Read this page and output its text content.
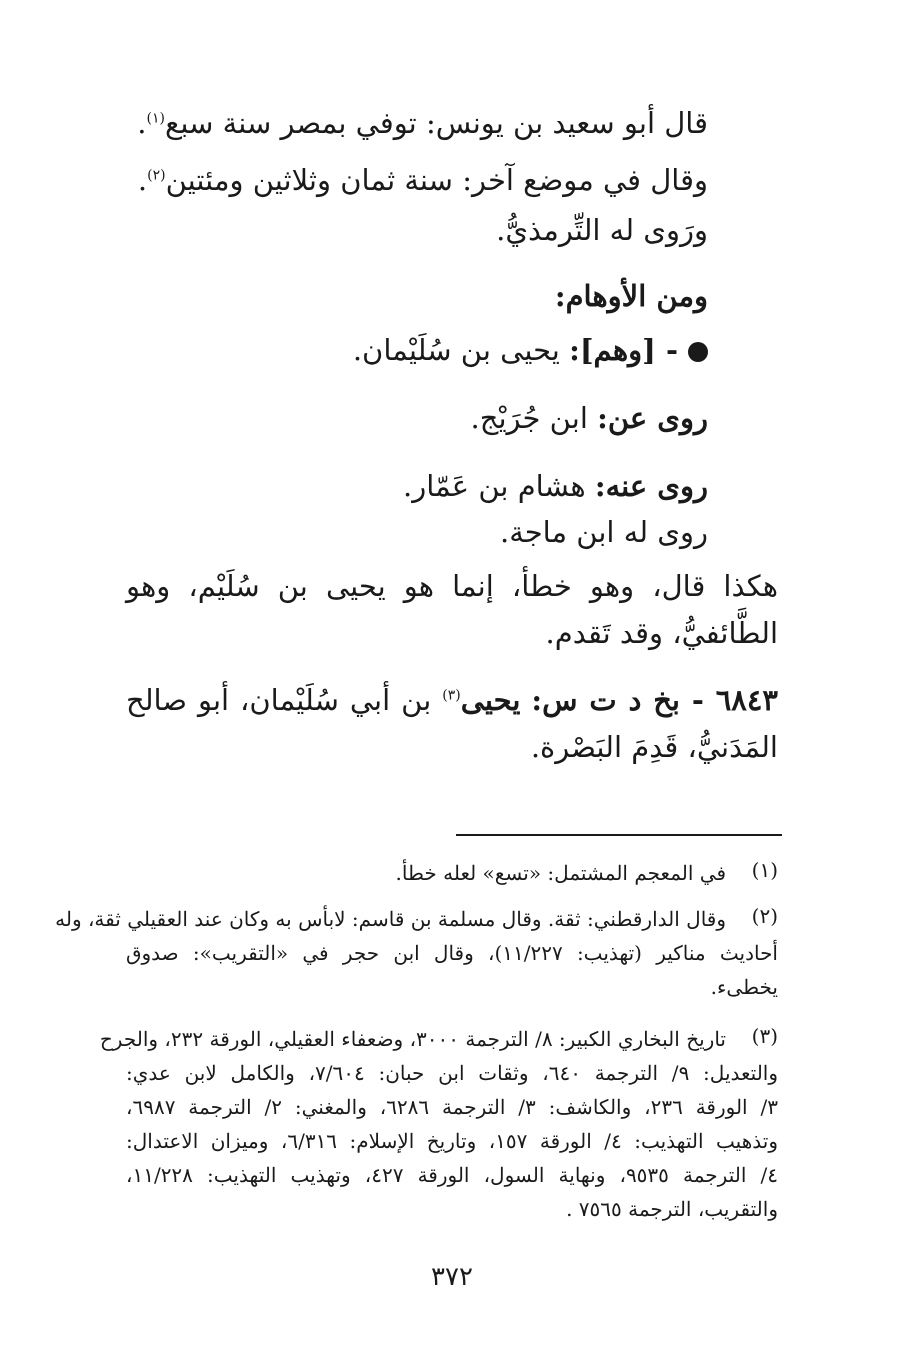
قال أبو سعيد بن يونس: توفي بمصر سنة سبع$^{(١)}$.
وقال في موضع آخر: سنة ثمان وثلاثين ومئتين$^{(٢)}$.
ورَوى له التِّرمذيُّ.
ومن الأوهام:
- [وهم]: يحيى بن سُلَيْمان.
روى عن: ابن جُرَيْج.
روى عنه: هشام بن عَمّار.
روى له ابن ماجة.
هكذا قال، وهو خطأ، إنما هو يحيى بن سُلَيْم، وهو
الطَّائفيُّ، وقد تَقدم.
٦٨٤٣ - بخ د ت س: يحيى$^{(٣)}$ بن أبي سُلَيْمان، أبو صالح
المَدَنيُّ، قَدِمَ البَصْرة.
(١)
في المعجم المشتمل: «تسع» لعله خطأ.
(٢)
وقال الدارقطني: ثقة. وقال مسلمة بن قاسم: لابأس به وكان عند العقيلي ثقة، وله
أحاديث مناكير (تهذيب: ١١/٢٢٧)، وقال ابن حجر في «التقريب»: صدوق
يخطىء.
(٣)
تاريخ البخاري الكبير: ٨/ الترجمة ٣٠٠٠، وضعفاء العقيلي، الورقة ٢٣٢، والجرح
والتعديل: ٩/ الترجمة ٦٤٠، وثقات ابن حبان: ٧/٦٠٤، والكامل لابن عدي:
٣/ الورقة ٢٣٦، والكاشف: ٣/ الترجمة ٦٢٨٦، والمغني: ٢/ الترجمة ٦٩٨٧،
وتذهيب التهذيب: ٤/ الورقة ١٥٧، وتاريخ الإسلام: ٦/٣١٦، وميزان الاعتدال:
٤/ الترجمة ٩٥٣٥، ونهاية السول، الورقة ٤٢٧، وتهذيب التهذيب: ١١/٢٢٨،
والتقريب، الترجمة ٧٥٦٥ .
٣٧٢
